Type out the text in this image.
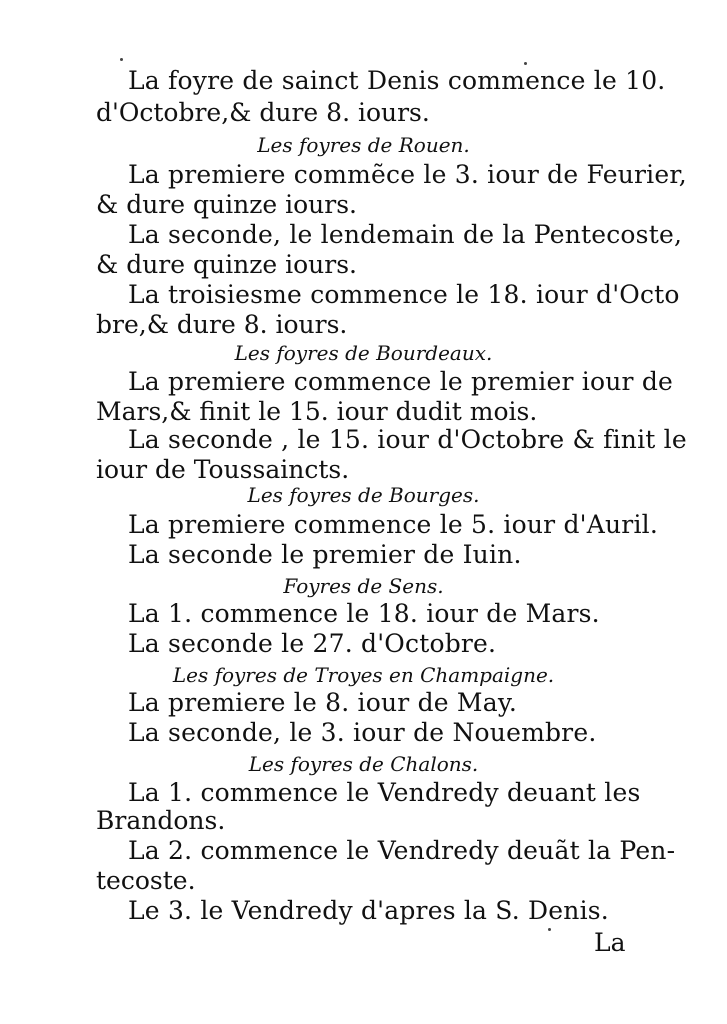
La foyre de sainct Denis commence le 10.

d'Octobre,& dure 8. iours.

Les foyres de Rouen.

La premiere commẽce le 3. iour de Feurier,

& dure quinze iours.

La seconde, le lendemain de la Pentecoste,

& dure quinze iours.

La troisiesme commence le 18. iour d'Octo

bre,& dure 8. iours.

Les foyres de Bourdeaux.

La premiere commence le premier iour de

Mars,& finit le 15. iour dudit mois.

La seconde , le 15. iour d'Octobre & finit le

iour de Toussaincts.

Les foyres de Bourges.

La premiere commence le 5. iour d'Auril.

La seconde le premier de Iuin.

Foyres de Sens.

La 1. commence le 18. iour de Mars.

La seconde le 27. d'Octobre.

Les foyres de Troyes en Champaigne.

La premiere le 8. iour de May.

La seconde, le 3. iour de Nouembre.

Les foyres de Chalons.

La 1. commence le Vendredy deuant les

Brandons.

La 2. commence le Vendredy deuãt la Pen-

tecoste.

Le 3. le Vendredy d'apres la S. Denis.

La
